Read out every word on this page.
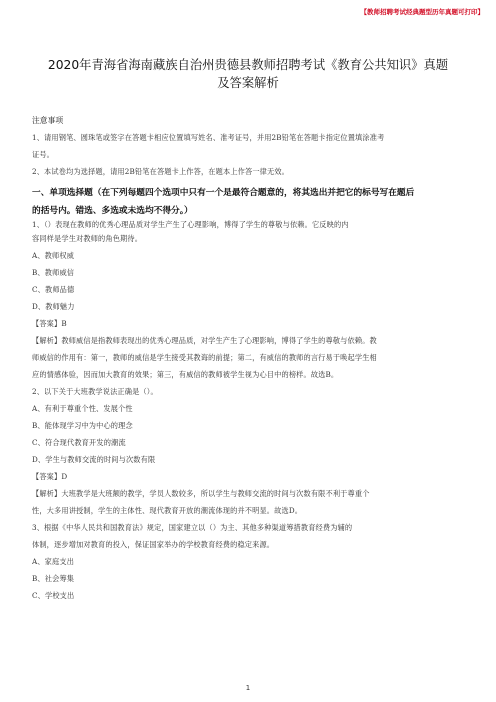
【教师招聘考试经典题型历年真题可打印】
2020年青海省海南藏族自治州贵德县教师招聘考试《教育公共知识》真题
及答案解析
注意事项
1、请用钢笔、圆珠笔或签字在答题卡相应位置填写姓名、准考证号，并用2B铅笔在答题卡指定位置填涂准考
证号。
2、本试卷均为选择题，请用2B铅笔在答题卡上作答，在题本上作答一律无效。
一、单项选择题（在下列每题四个选项中只有一个是最符合题意的，将其选出并把它的标号写在题后
的括号内。错选、多选或未选均不得分。）
1、（）表现在教师的优秀心理品质对学生产生了心理影响，博得了学生的尊敬与依赖。它反映的内
容同样是学生对教师的角色期待。
A、教师权威
B、教师威信
C、教师品德
D、教师魅力
【答案】B
【解析】教师威信是指教师表现出的优秀心理品质，对学生产生了心理影响，博得了学生的尊敬与依赖。教
师威信的作用有：第一，教师的威信是学生接受其教诲的前提；第二，有威信的教师的言行易于唤起学生相
应的情感体验，因而加大教育的效果；第三，有威信的教师被学生视为心目中的榜样。故选B。
2、以下关于大班教学说法正确是（）。
A、有利于尊重个性、发展个性
B、能体现学习中为中心的理念
C、符合现代教育开发的潮流
D、学生与教师交流的时间与次数有限
【答案】D
【解析】大班教学是大班额的教学，学员人数较多，所以学生与教师交流的时间与次数有限不利于尊重个
性，大多用讲授制，学生的主体性、现代教育开放的潮流体现的并不明显。故选D。
3、根据《中华人民共和国教育法》规定，国家建立以（）为主、其他多种渠道筹措教育经费为辅的
体制，逐步增加对教育的投入，保证国家举办的学校教育经费的稳定来源。
A、家庭支出
B、社会筹集
C、学校支出
1
